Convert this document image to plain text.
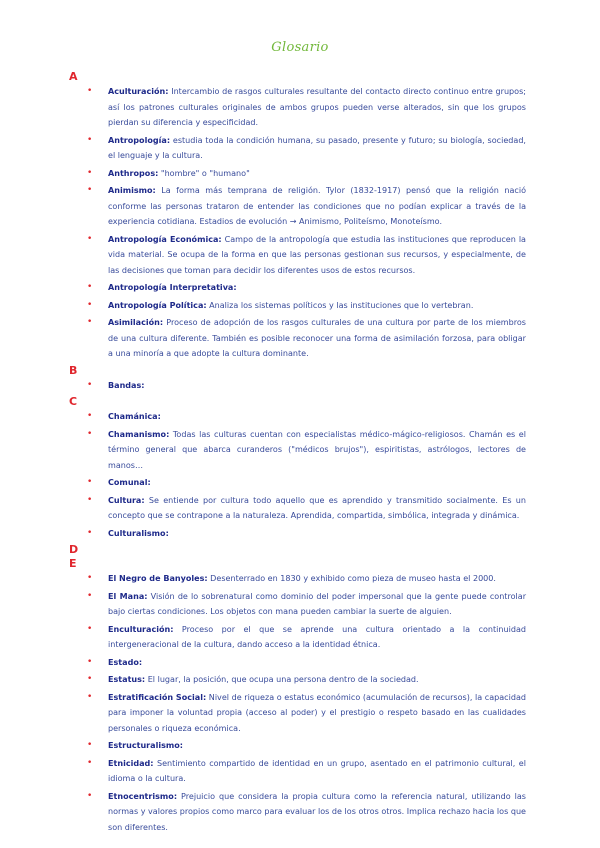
Glosario
A
• Aculturación: Intercambio de rasgos culturales resultante del contacto directo continuo entre grupos; así los patrones culturales originales de ambos grupos pueden verse alterados, sin que los grupos pierdan su diferencia y especificidad.
• Antropología: estudia toda la condición humana, su pasado, presente y futuro; su biología, sociedad, el lenguaje y la cultura.
• Anthropos: "hombre" o "humano"
• Animismo: La forma más temprana de religión. Tylor (1832-1917) pensó que la religión nació conforme las personas trataron de entender las condiciones que no podían explicar a través de la experiencia cotidiana. Estadios de evolución → Animismo, Politeísmo, Monoteísmo.
• Antropología Económica: Campo de la antropología que estudia las instituciones que reproducen la vida material. Se ocupa de la forma en que las personas gestionan sus recursos, y especialmente, de las decisiones que toman para decidir los diferentes usos de estos recursos.
• Antropología Interpretativa:
• Antropología Política: Analiza los sistemas políticos y las instituciones que lo vertebran.
• Asimilación: Proceso de adopción de los rasgos culturales de una cultura por parte de los miembros de una cultura diferente. También es posible reconocer una forma de asimilación forzosa, para obligar a una minoría a que adopte la cultura dominante.
B
• Bandas:
C
• Chamánica:
• Chamanismo: Todas las culturas cuentan con especialistas médico-mágico-religiosos. Chamán es el término general que abarca curanderos ("médicos brujos"), espiritistas, astrólogos, lectores de manos…
• Comunal:
• Cultura: Se entiende por cultura todo aquello que es aprendido y transmitido socialmente. Es un concepto que se contrapone a la naturaleza. Aprendida, compartida, simbólica, integrada y dinámica.
• Culturalismo:
D
E
• El Negro de Banyoles: Desenterrado en 1830 y exhibido como pieza de museo hasta el 2000.
• El Mana: Visión de lo sobrenatural como dominio del poder impersonal que la gente puede controlar bajo ciertas condiciones. Los objetos con mana pueden cambiar la suerte de alguien.
• Enculturación: Proceso por el que se aprende una cultura orientado a la continuidad intergeneracional de la cultura, dando acceso a la identidad étnica.
• Estado:
• Estatus: El lugar, la posición, que ocupa una persona dentro de la sociedad.
• Estratificación Social: Nivel de riqueza o estatus económico (acumulación de recursos), la capacidad para imponer la voluntad propia (acceso al poder) y el prestigio o respeto basado en las cualidades personales o riqueza económica.
• Estructuralismo:
• Etnicidad: Sentimiento compartido de identidad en un grupo, asentado en el patrimonio cultural, el idioma o la cultura.
• Etnocentrismo: Prejuicio que considera la propia cultura como la referencia natural, utilizando las normas y valores propios como marco para evaluar los de los otros otros. Implica rechazo hacia los que son diferentes.
